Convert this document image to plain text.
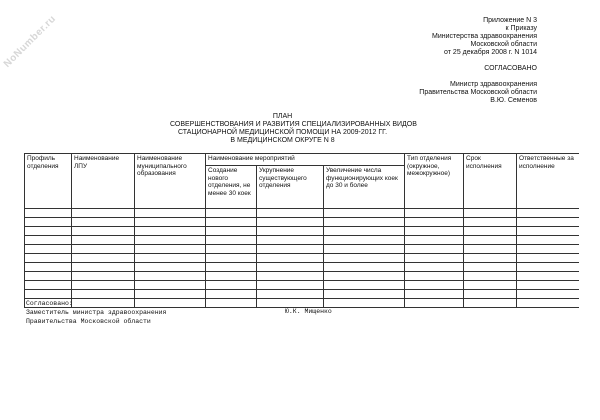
NoNumber.ru	Приложение N 3
к Приказу
Министерства здравоохранения
Московской области
от 25 декабря 2008 г. N 1014
СОГЛАСОВАНО
Министр здравоохранения
Правительства Московской области
В.Ю. Семенов
ПЛАН
СОВЕРШЕНСТВОВАНИЯ И РАЗВИТИЯ СПЕЦИАЛИЗИРОВАННЫХ ВИДОВ
СТАЦИОНАРНОЙ МЕДИЦИНСКОЙ ПОМОЩИ НА 2009-2012 ГГ.
В МЕДИЦИНСКОМ ОКРУГЕ N 8
Профиль отделения	Наименование ЛПУ	Наименование муниципального образования	Наименование мероприятий			Тип отделения (окружное, межокружное)	Срок исполнения	Ответственные за исполнение
			Создание нового отделения, не менее 30 коек	Укрупнение существующего отделения	Увеличение числа функционирующих коек до 30 и более			

Согласовано:
Заместитель министра здравоохранения
Правительства Московской области
Ю.К. Мищенко
